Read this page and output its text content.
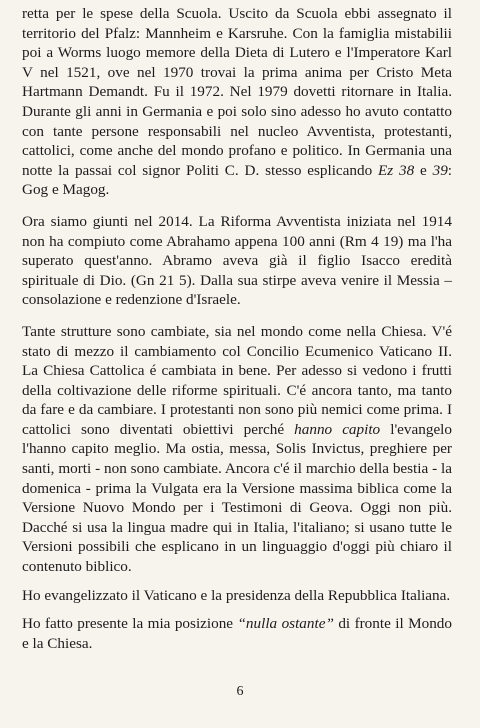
retta per le spese della Scuola. Uscito da Scuola ebbi assegnato il territorio del Pfalz: Mannheim e Karsruhe. Con la famiglia mistabilii poi a Worms luogo memore della Dieta di Lutero e l'Imperatore Karl V nel 1521, ove nel 1970 trovai la prima anima per Cristo Meta Hartmann Demandt. Fu il 1972. Nel 1979 dovetti ritornare in Italia. Durante gli anni in Germania e poi solo sino adesso ho avuto contatto con tante persone responsabili nel nucleo Avventista, protestanti, cattolici, come anche del mondo profano e politico. In Germania una notte la passai col signor Politi C. D. stesso esplicando Ez 38 e 39: Gog e Magog.

Ora siamo giunti nel 2014. La Riforma Avventista iniziata nel 1914 non ha compiuto come Abrahamo appena 100 anni (Rm 4 19) ma l'ha superato quest'anno. Abramo aveva già il figlio Isacco eredità spirituale di Dio. (Gn 21 5). Dalla sua stirpe aveva venire il Messia – consolazione e redenzione d'Israele.

Tante strutture sono cambiate, sia nel mondo come nella Chiesa. V'é stato di mezzo il cambiamento col Concilio Ecumenico Vaticano II. La Chiesa Cattolica é cambiata in bene. Per adesso si vedono i frutti della coltivazione delle riforme spirituali. C'é ancora tanto, ma tanto da fare e da cambiare. I protestanti non sono più nemici come prima. I cattolici sono diventati obiettivi perché hanno capito l'evangelo l'hanno capito meglio. Ma ostia, messa, Solis Invictus, preghiere per santi, morti - non sono cambiate. Ancora c'é il marchio della bestia - la domenica - prima la Vulgata era la Versione massima biblica come la Versione Nuovo Mondo per i Testimoni di Geova. Oggi non più. Dacché si usa la lingua madre qui in Italia, l'italiano; si usano tutte le Versioni possibili che esplicano in un linguaggio d'oggi più chiaro il contenuto biblico.

Ho evangelizzato il Vaticano e la presidenza della Repubblica Italiana.

Ho fatto presente la mia posizione “nulla ostante” di fronte il Mondo e la Chiesa.

6
